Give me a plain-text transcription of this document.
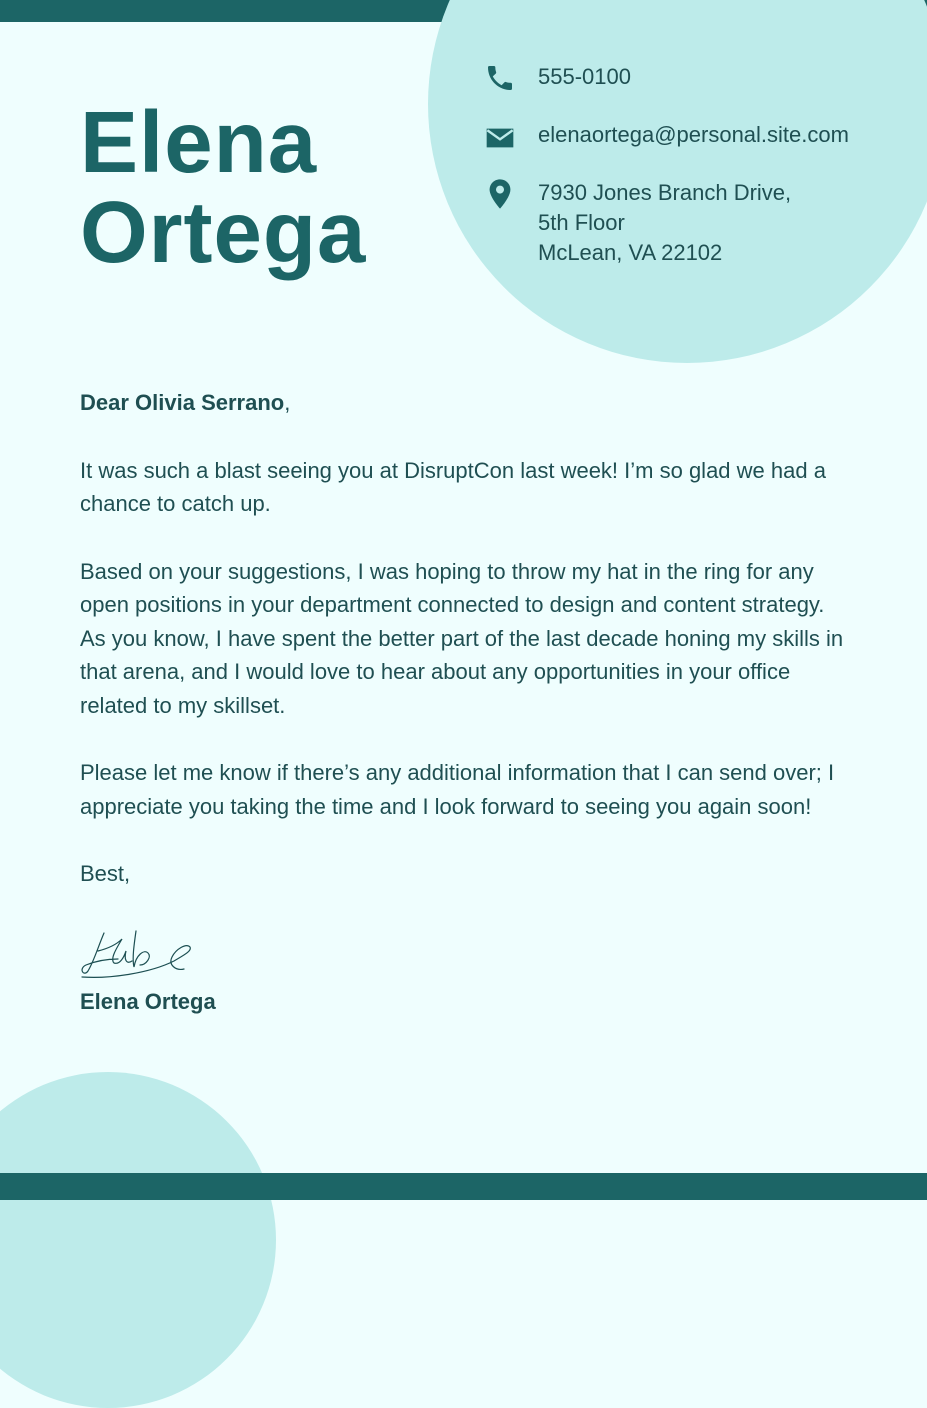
Elena
Ortega
555-0100
elenaortega@personal.site.com
7930 Jones Branch Drive,
5th Floor
McLean, VA 22102

Dear Olivia Serrano,

It was such a blast seeing you at DisruptCon last week! I’m so glad we had a chance to catch up.

Based on your suggestions, I was hoping to throw my hat in the ring for any open positions in your department connected to design and content strategy. As you know, I have spent the better part of the last decade honing my skills in that arena, and I would love to hear about any opportunities in your office related to my skillset.

Please let me know if there’s any additional information that I can send over; I appreciate you taking the time and I look forward to seeing you again soon!

Best,

Elena Ortega
